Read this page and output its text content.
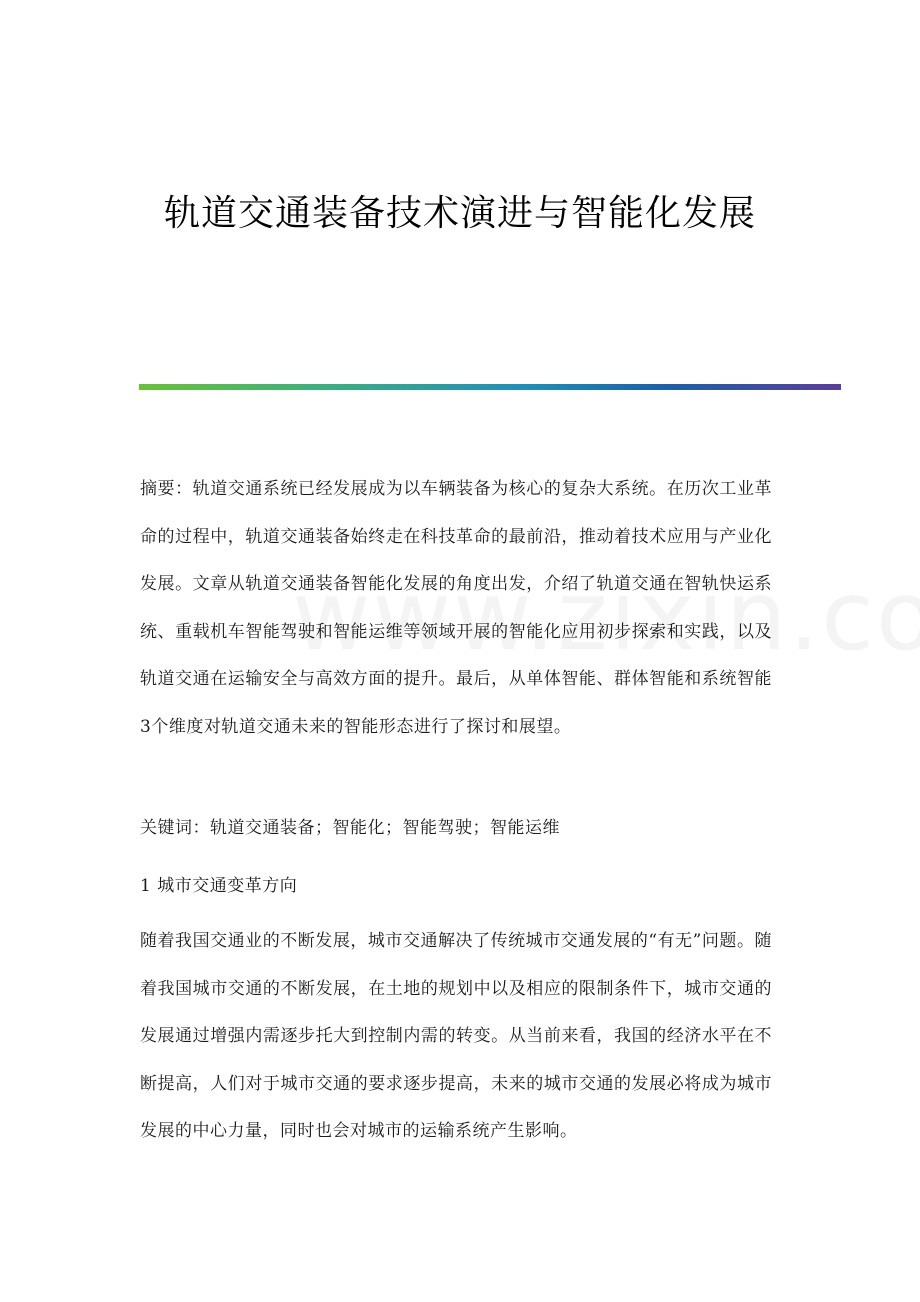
轨道交通装备技术演进与智能化发展

摘要：轨道交通系统已经发展成为以车辆装备为核心的复杂大系统。在历次工业革命的过程中，轨道交通装备始终走在科技革命的最前沿，推动着技术应用与产业化发展。文章从轨道交通装备智能化发展的角度出发，介绍了轨道交通在智轨快运系统、重载机车智能驾驶和智能运维等领域开展的智能化应用初步探索和实践，以及轨道交通在运输安全与高效方面的提升。最后，从单体智能、群体智能和系统智能3个维度对轨道交通未来的智能形态进行了探讨和展望。

关键词：轨道交通装备；智能化；智能驾驶；智能运维

1 城市交通变革方向

随着我国交通业的不断发展，城市交通解决了传统城市交通发展的“有无”问题。随着我国城市交通的不断发展，在土地的规划中以及相应的限制条件下，城市交通的发展通过增强内需逐步托大到控制内需的转变。从当前来看，我国的经济水平在不断提高，人们对于城市交通的要求逐步提高，未来的城市交通的发展必将成为城市发展的中心力量，同时也会对城市的运输系统产生影响。
